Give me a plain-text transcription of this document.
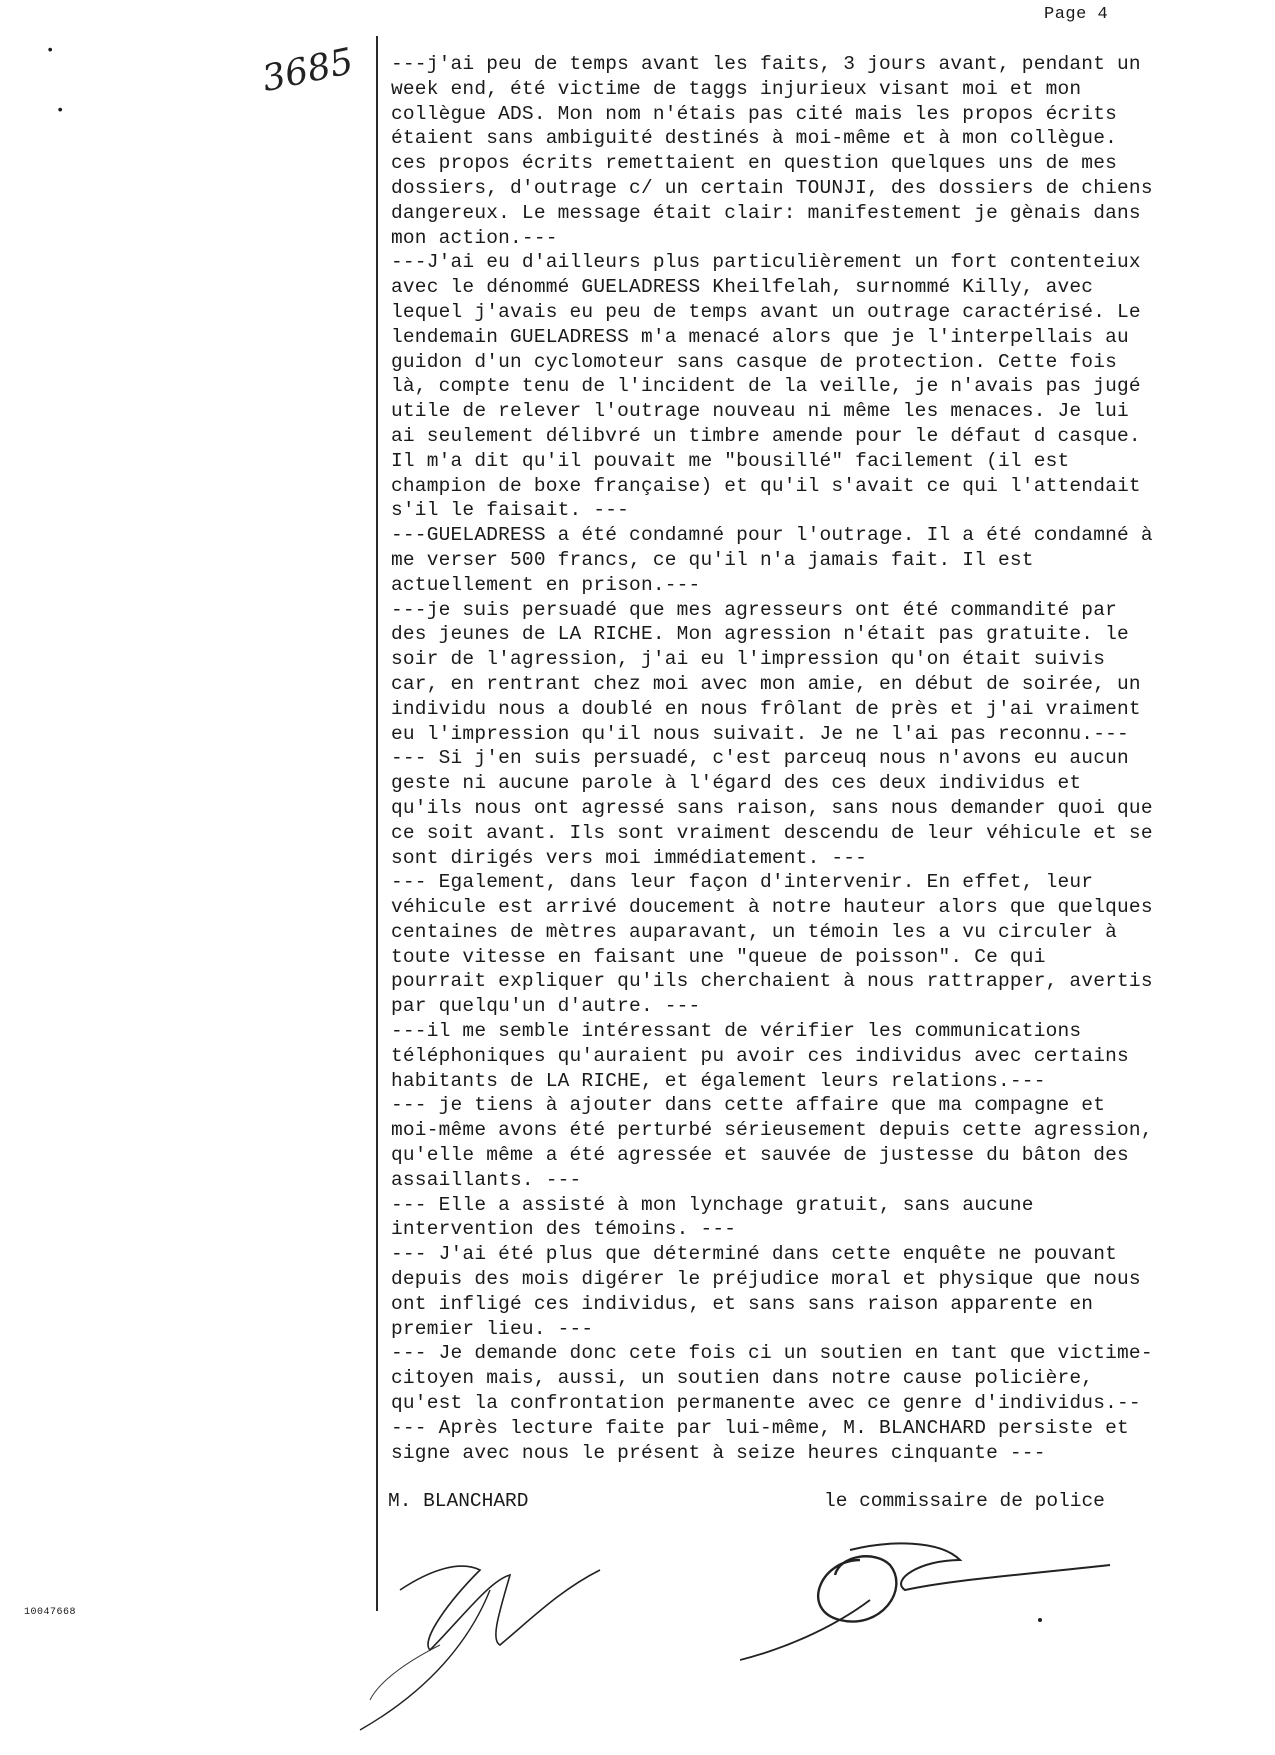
Page 4
3685
•
•
10047668
---j'ai peu de temps avant les faits, 3 jours avant, pendant un
week end, été victime de taggs injurieux visant moi et mon
collègue ADS. Mon nom n'étais pas cité mais les propos écrits
étaient sans ambiguité destinés à moi-même et à mon collègue.
ces propos écrits remettaient en question quelques uns de mes
dossiers, d'outrage c/ un certain TOUNJI, des dossiers de chiens
dangereux. Le message était clair: manifestement je gènais dans
mon action.---
---J'ai eu d'ailleurs plus particulièrement un fort contenteiux
avec le dénommé GUELADRESS Kheilfelah, surnommé Killy, avec
lequel j'avais eu peu de temps avant un outrage caractérisé. Le
lendemain GUELADRESS m'a menacé alors que je l'interpellais au
guidon d'un cyclomoteur sans casque de protection. Cette fois
là, compte tenu de l'incident de la veille, je n'avais pas jugé
utile de relever l'outrage nouveau ni même les menaces. Je lui
ai seulement délibvré un timbre amende pour le défaut d casque.
Il m'a dit qu'il pouvait me "bousillé" facilement (il est
champion de boxe française) et qu'il s'avait ce qui l'attendait
s'il le faisait. ---
---GUELADRESS a été condamné pour l'outrage. Il a été condamné à
me verser 500 francs, ce qu'il n'a jamais fait. Il est
actuellement en prison.---
---je suis persuadé que mes agresseurs ont été commandité par
des jeunes de LA RICHE. Mon agression n'était pas gratuite. le
soir de l'agression, j'ai eu l'impression qu'on était suivis
car, en rentrant chez moi avec mon amie, en début de soirée, un
individu nous a doublé en nous frôlant de près et j'ai vraiment
eu l'impression qu'il nous suivait. Je ne l'ai pas reconnu.---
--- Si j'en suis persuadé, c'est parceuq nous n'avons eu aucun
geste ni aucune parole à l'égard des ces deux individus et
qu'ils nous ont agressé sans raison, sans nous demander quoi que
ce soit avant. Ils sont vraiment descendu de leur véhicule et se
sont dirigés vers moi immédiatement. ---
--- Egalement, dans leur façon d'intervenir. En effet, leur
véhicule est arrivé doucement à notre hauteur alors que quelques
centaines de mètres auparavant, un témoin les a vu circuler à
toute vitesse en faisant une "queue de poisson". Ce qui
pourrait expliquer qu'ils cherchaient à nous rattrapper, avertis
par quelqu'un d'autre. ---
---il me semble intéressant de vérifier les communications
téléphoniques qu'auraient pu avoir ces individus avec certains
habitants de LA RICHE, et également leurs relations.---
--- je tiens à ajouter dans cette affaire que ma compagne et
moi-même avons été perturbé sérieusement depuis cette agression,
qu'elle même a été agressée et sauvée de justesse du bâton des
assaillants. ---
--- Elle a assisté à mon lynchage gratuit, sans aucune
intervention des témoins. ---
--- J'ai été plus que déterminé dans cette enquête ne pouvant
depuis des mois digérer le préjudice moral et physique que nous
ont infligé ces individus, et sans sans raison apparente en
premier lieu. ---
--- Je demande donc cete fois ci un soutien en tant que victime-
citoyen mais, aussi, un soutien dans notre cause policière,
qu'est la confrontation permanente avec ce genre d'individus.--
--- Après lecture faite par lui-même, M. BLANCHARD persiste et
signe avec nous le présent à seize heures cinquante ---
M. BLANCHARD	le commissaire de police
